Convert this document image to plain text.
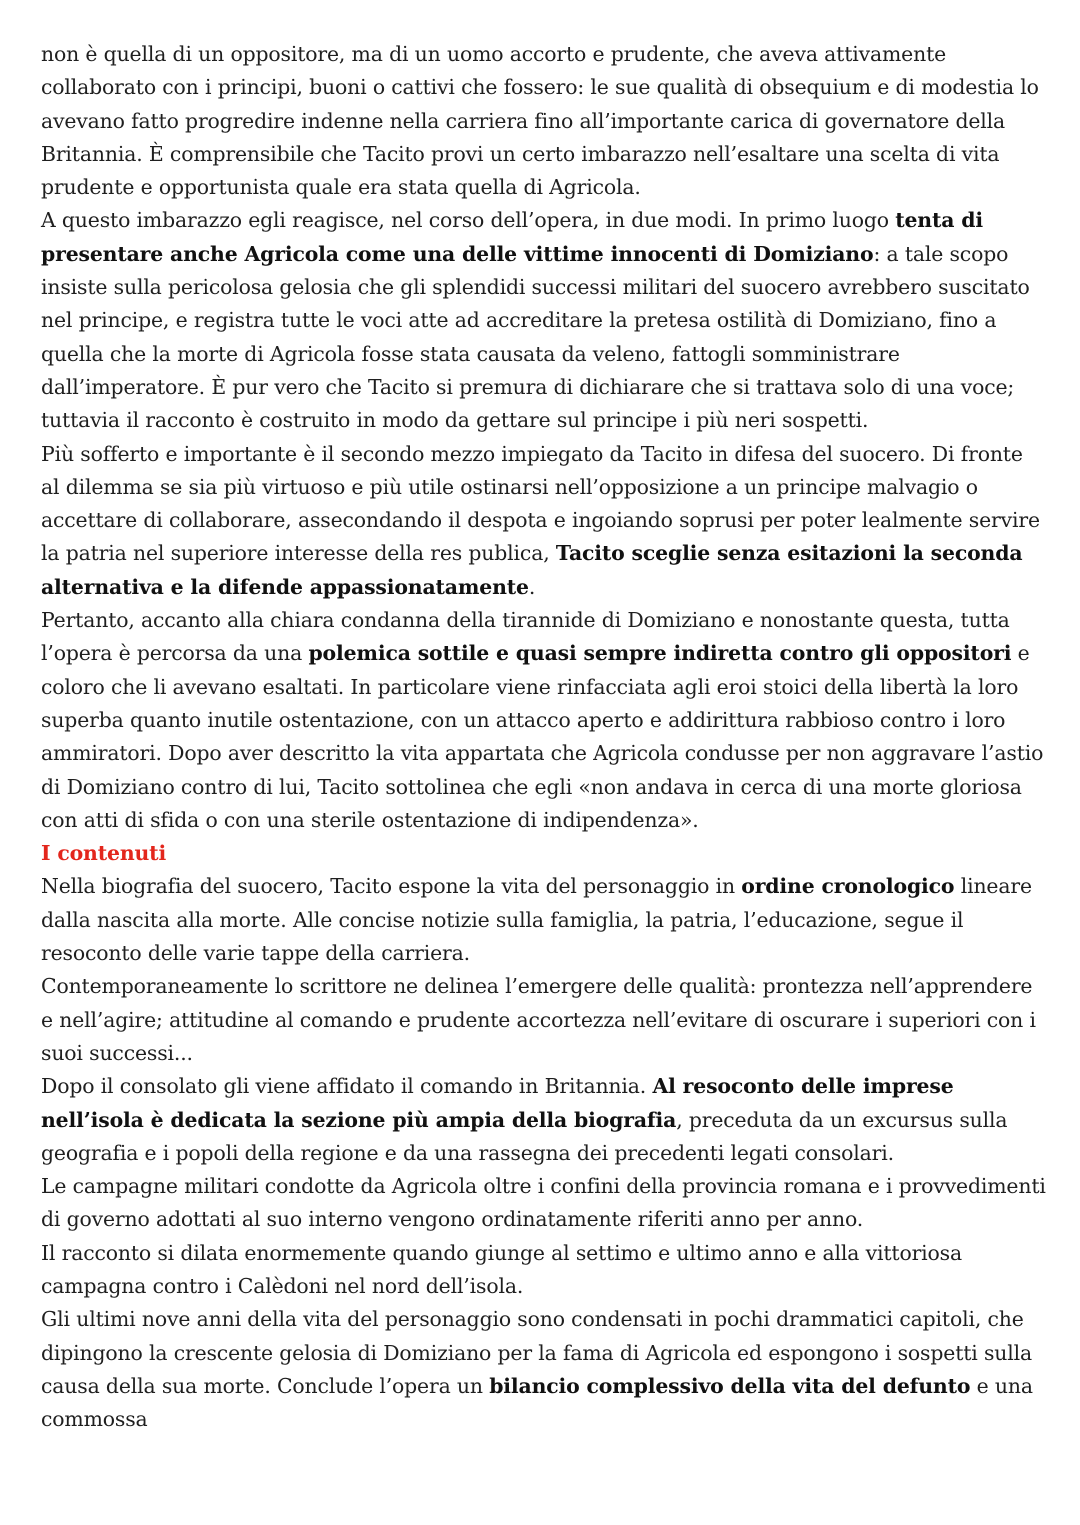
non è quella di un oppositore, ma di un uomo accorto e prudente, che aveva attivamente collaborato con i principi, buoni o cattivi che fossero: le sue qualità di obsequium e di modestia lo avevano fatto progredire indenne nella carriera fino all’importante carica di governatore della Britannia. È comprensibile che Tacito provi un certo imbarazzo nell’esaltare una scelta di vita prudente e opportunista quale era stata quella di Agricola.

A questo imbarazzo egli reagisce, nel corso dell’opera, in due modi. In primo luogo tenta di presentare anche Agricola come una delle vittime innocenti di Domiziano: a tale scopo insiste sulla pericolosa gelosia che gli splendidi successi militari del suocero avrebbero suscitato nel principe, e registra tutte le voci atte ad accreditare la pretesa ostilità di Domiziano, fino a quella che la morte di Agricola fosse stata causata da veleno, fattogli somministrare dall’imperatore. È pur vero che Tacito si premura di dichiarare che si trattava solo di una voce; tuttavia il racconto è costruito in modo da gettare sul principe i più neri sospetti.

Più sofferto e importante è il secondo mezzo impiegato da Tacito in difesa del suocero. Di fronte al dilemma se sia più virtuoso e più utile ostinarsi nell’opposizione a un principe malvagio o accettare di collaborare, assecondando il despota e ingoiando soprusi per poter lealmente servire la patria nel superiore interesse della res publica, Tacito sceglie senza esitazioni la seconda alternativa e la difende appassionatamente.

Pertanto, accanto alla chiara condanna della tirannide di Domiziano e nonostante questa, tutta l’opera è percorsa da una polemica sottile e quasi sempre indiretta contro gli oppositori e coloro che li avevano esaltati. In particolare viene rinfacciata agli eroi stoici della libertà la loro superba quanto inutile ostentazione, con un attacco aperto e addirittura rabbioso contro i loro ammiratori. Dopo aver descritto la vita appartata che Agricola condusse per non aggravare l’astio di Domiziano contro di lui, Tacito sottolinea che egli «non andava in cerca di una morte gloriosa con atti di sfida o con una sterile ostentazione di indipendenza».

I contenuti

Nella biografia del suocero, Tacito espone la vita del personaggio in ordine cronologico lineare dalla nascita alla morte. Alle concise notizie sulla famiglia, la patria, l’educazione, segue il resoconto delle varie tappe della carriera.

Contemporaneamente lo scrittore ne delinea l’emergere delle qualità: prontezza nell’apprendere e nell’agire; attitudine al comando e prudente accortezza nell’evitare di oscurare i superiori con i suoi successi...

Dopo il consolato gli viene affidato il comando in Britannia. Al resoconto delle imprese nell’isola è dedicata la sezione più ampia della biografia, preceduta da un excursus sulla geografia e i popoli della regione e da una rassegna dei precedenti legati consolari.

Le campagne militari condotte da Agricola oltre i confini della provincia romana e i provvedimenti di governo adottati al suo interno vengono ordinatamente riferiti anno per anno.

Il racconto si dilata enormemente quando giunge al settimo e ultimo anno e alla vittoriosa campagna contro i Calèdoni nel nord dell’isola.

Gli ultimi nove anni della vita del personaggio sono condensati in pochi drammatici capitoli, che dipingono la crescente gelosia di Domiziano per la fama di Agricola ed espongono i sospetti sulla causa della sua morte. Conclude l’opera un bilancio complessivo della vita del defunto e una commossa
